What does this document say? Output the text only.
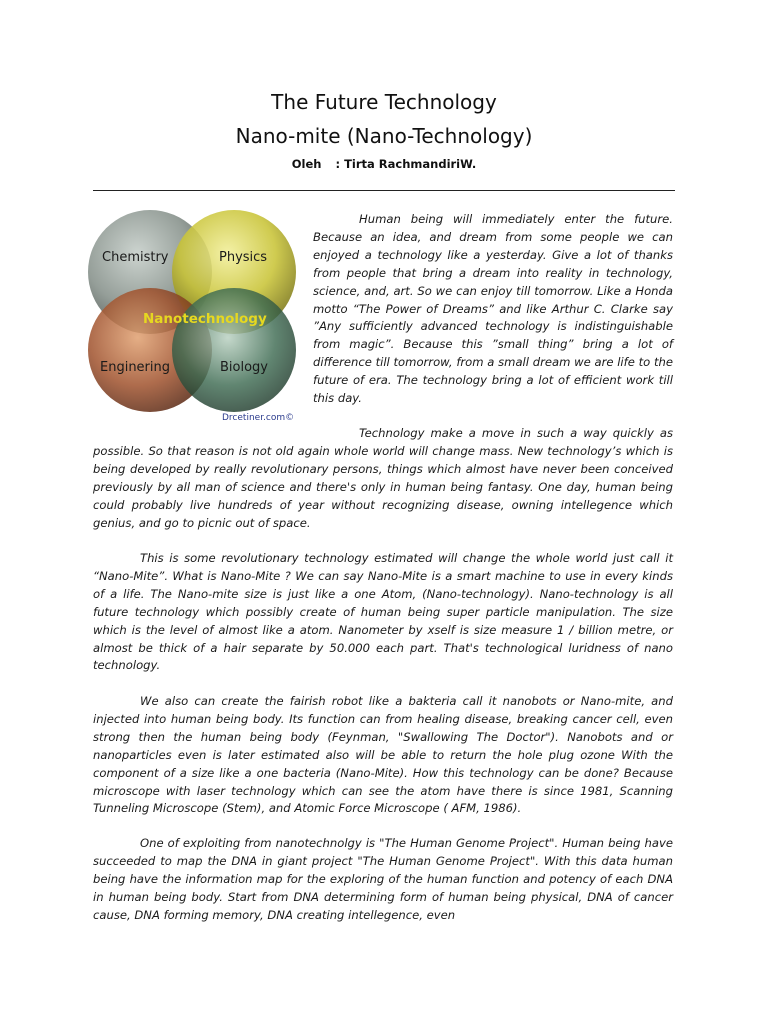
The Future Technology
Nano-mite (Nano-Technology)
Oleh : Tirta RachmandiriW.
Chemistry	Physics
Nanotechnology
Enginering	Biology
Drcetiner.com©

Human being will immediately enter the future. Because an idea, and dream from some people we can enjoyed a technology like a yesterday. Give a lot of thanks from people that bring a dream into reality in technology, science, and, art. So we can enjoy till tomorrow. Like a Honda motto “The Power of Dreams” and like Arthur C. Clarke say ”Any sufficiently advanced technology is indistinguishable from magic”. Because this ”small thing” bring a lot of difference till tomorrow, from a small dream we are life to the future of era. The technology bring a lot of efficient work till this day.

Technology make a move in such a way quickly as possible. So that reason is not old again whole world will change mass. New technology’s which is being developed by really revolutionary persons, things which almost have never been conceived previously by all man of science and there's only in human being fantasy. One day, human being could probably live hundreds of year without recognizing disease, owning intellegence which genius, and go to picnic out of space.

This is some revolutionary technology estimated will change the whole world just call it “Nano-Mite”. What is Nano-Mite ? We can say Nano-Mite is a smart machine to use in every kinds of a life. The Nano-mite size is just like a one Atom, (Nano-technology). Nano-technology is all future technology which possibly create of human being super particle manipulation. The size which is the level of almost like a atom. Nanometer by xself is size measure 1 / billion metre, or almost be thick of a hair separate by 50.000 each part. That's technological luridness of nano technology.

We also can create the fairish robot like a bakteria call it nanobots or Nano-mite, and injected into human being body. Its function can from healing disease, breaking cancer cell, even strong then the human being body (Feynman, "Swallowing The Doctor"). Nanobots and or nanoparticles even is later estimated also will be able to return the hole plug ozone With the component of a size like a one bacteria (Nano-Mite). How this technology can be done? Because microscope with laser technology which can see the atom have there is since 1981, Scanning Tunneling Microscope (Stem), and Atomic Force Microscope ( AFM, 1986).

One of exploiting from nanotechnolgy is "The Human Genome Project". Human being have succeeded to map the DNA in giant project "The Human Genome Project". With this data human being have the information map for the exploring of the human function and potency of each DNA in human being body. Start from DNA determining form of human being physical, DNA of cancer cause, DNA forming memory, DNA creating intellegence, even
